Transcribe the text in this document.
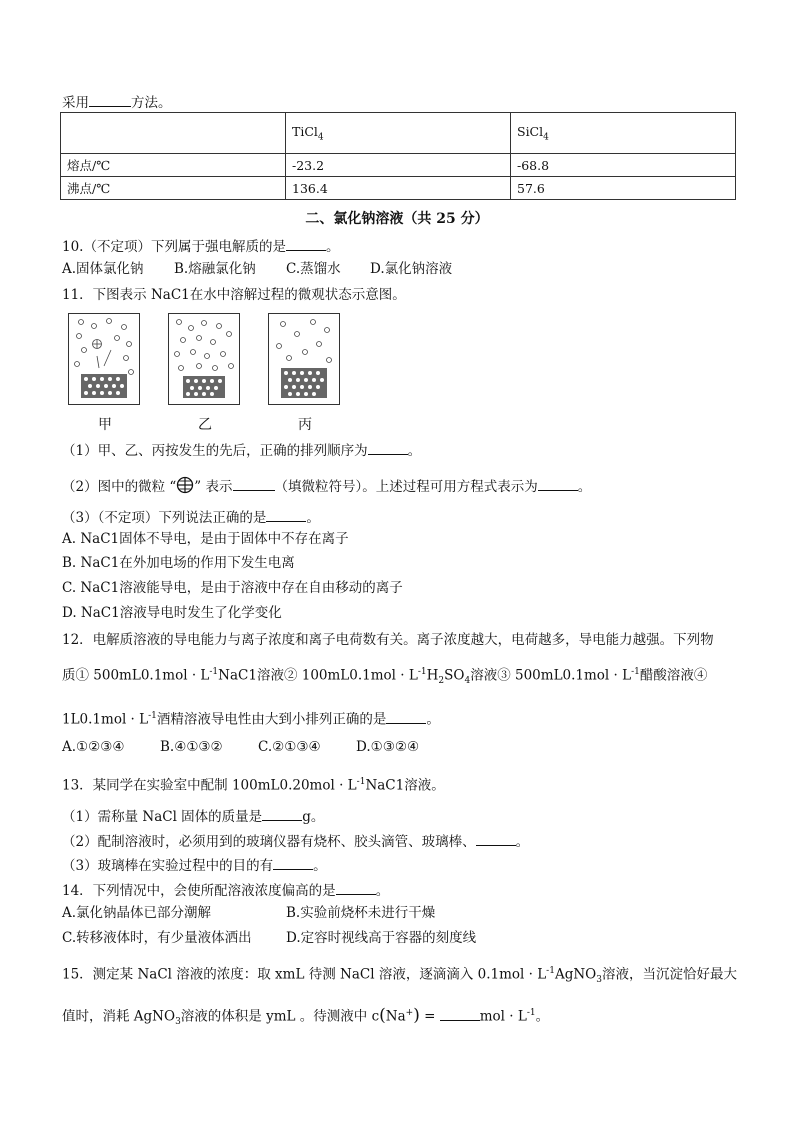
采用	方法。
	TiCl$_4$	SiCl$_4$
熔点/℃	-23.2	-68.8
沸点/℃	136.4	57.6
二、氯化钠溶液（共 25 分）
10.（不定项）下列属于强电解质的是	。
A.固体氯化钠 B.熔融氯化钠 C.蒸馏水 D.氯化钠溶液
11．下图表示 NaC1在水中溶解过程的微观状态示意图。
甲	乙	丙
（1）甲、乙、丙按发生的先后，正确的排列顺序为	。
（2）图中的微粒 “ ” 表示	（填微粒符号）。上述过程可用方程式表示为	。
（3）（不定项）下列说法正确的是	。
A. NaC1固体不导电，是由于固体中不存在离子
B. NaC1在外加电场的作用下发生电离
C. NaC1溶液能导电，是由于溶液中存在自由移动的离子
D. NaC1溶液导电时发生了化学变化
12．电解质溶液的导电能力与离子浓度和离子电荷数有关。离子浓度越大，电荷越多，导电能力越强。下列物
质① $500mL0.1mol \cdot L^{-1}NaC1$溶液② $100mL0.1mol \cdot L^{-1}H_2SO_4$溶液③ $500mL0.1mol \cdot L^{-1}$醋酸溶液④
$1L0.1mol \cdot L^{-1}$酒精溶液导电性由大到小排列正确的是	。
A.①②③④	B.④①③②	C.②①③④	D.①③②④
13．某同学在实验室中配制 $100mL0.20mol \cdot L^{-1}NaC1$溶液。
（1）需称量 NaCl 固体的质量是	g。
（2）配制溶液时，必须用到的玻璃仪器有烧杯、胶头滴管、玻璃棒、	。
（3）玻璃棒在实验过程中的目的有	。
14．下列情况中，会使所配溶液浓度偏高的是	。
A.氯化钠晶体已部分潮解	B.实验前烧杯未进行干燥
C.转移液体时，有少量液体洒出	D.定容时视线高于容器的刻度线
15．测定某 NaCl 溶液的浓度：取 xmL 待测 NaCl 溶液，逐滴滴入 $0.1mol \cdot L^{-1}AgNO_3$溶液，当沉淀恰好最大
值时，消耗 AgNO$_3$溶液的体积是 ymL 。待测液中 c(Na+) =	mol · $L^{-1}$。
